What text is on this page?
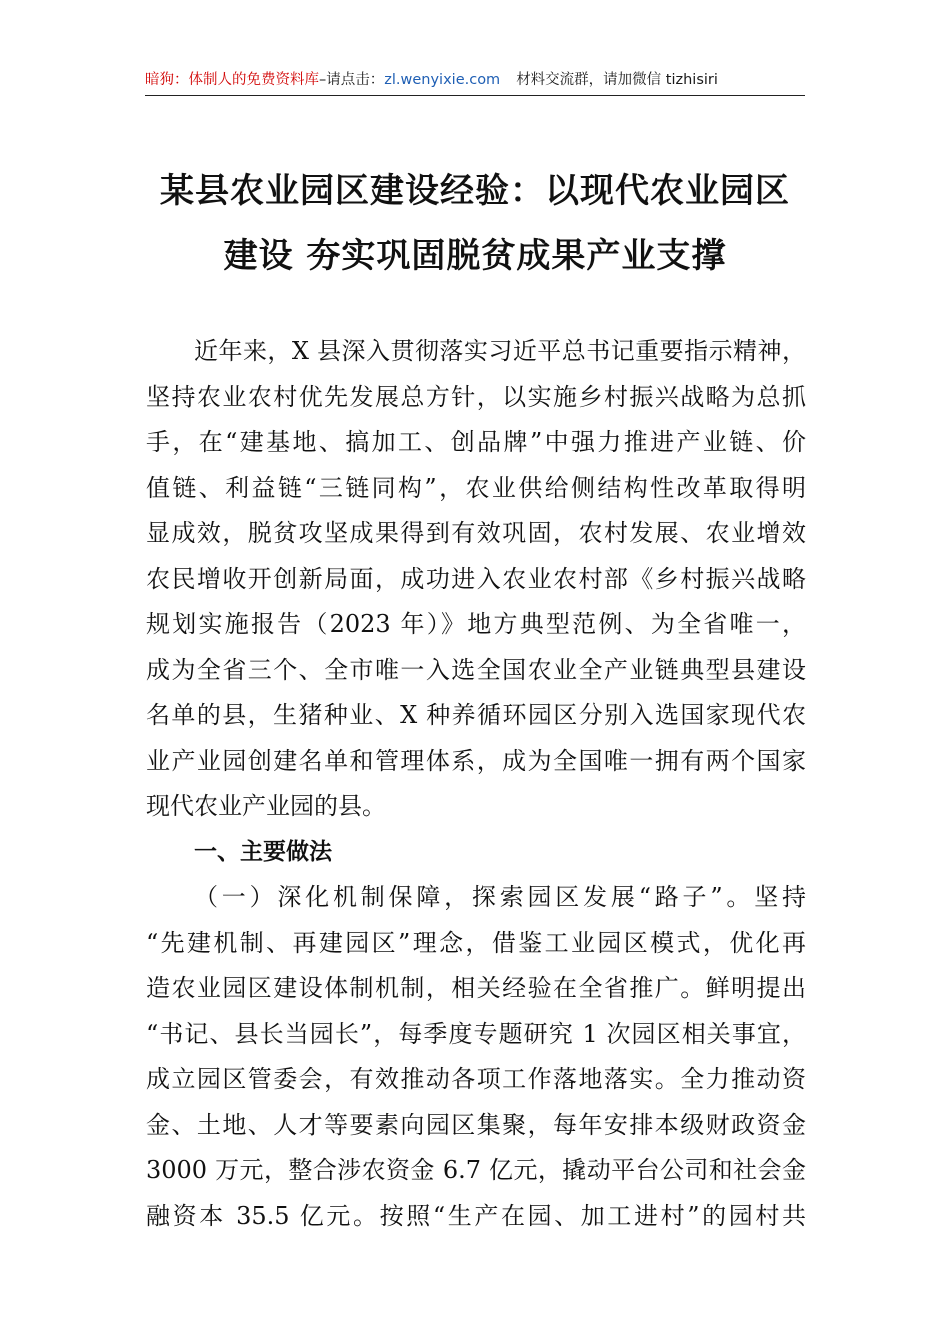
暗狗：体制人的免费资料库–请点击：zl.wenyixie.com 材料交流群，请加微信 tizhisiri
某县农业园区建设经验：以现代农业园区
建设 夯实巩固脱贫成果产业支撑
近年来，X 县深入贯彻落实习近平总书记重要指示精神，
坚持农业农村优先发展总方针，以实施乡村振兴战略为总抓
手，在“建基地、搞加工、创品牌”中强力推进产业链、价
值链、利益链“三链同构”，农业供给侧结构性改革取得明
显成效，脱贫攻坚成果得到有效巩固，农村发展、农业增效
农民增收开创新局面，成功进入农业农村部《乡村振兴战略
规划实施报告（2023 年）》地方典型范例、为全省唯一，
成为全省三个、全市唯一入选全国农业全产业链典型县建设
名单的县，生猪种业、X 种养循环园区分别入选国家现代农
业产业园创建名单和管理体系，成为全国唯一拥有两个国家
现代农业产业园的县。
一、主要做法
（一）深化机制保障，探索园区发展“路子”。坚持
“先建机制、再建园区”理念，借鉴工业园区模式，优化再
造农业园区建设体制机制，相关经验在全省推广。鲜明提出
“书记、县长当园长”，每季度专题研究 1 次园区相关事宜，
成立园区管委会，有效推动各项工作落地落实。全力推动资
金、土地、人才等要素向园区集聚，每年安排本级财政资金
3000 万元，整合涉农资金 6.7 亿元，撬动平台公司和社会金
融资本 35.5 亿元。按照“生产在园、加工进村”的园村共
